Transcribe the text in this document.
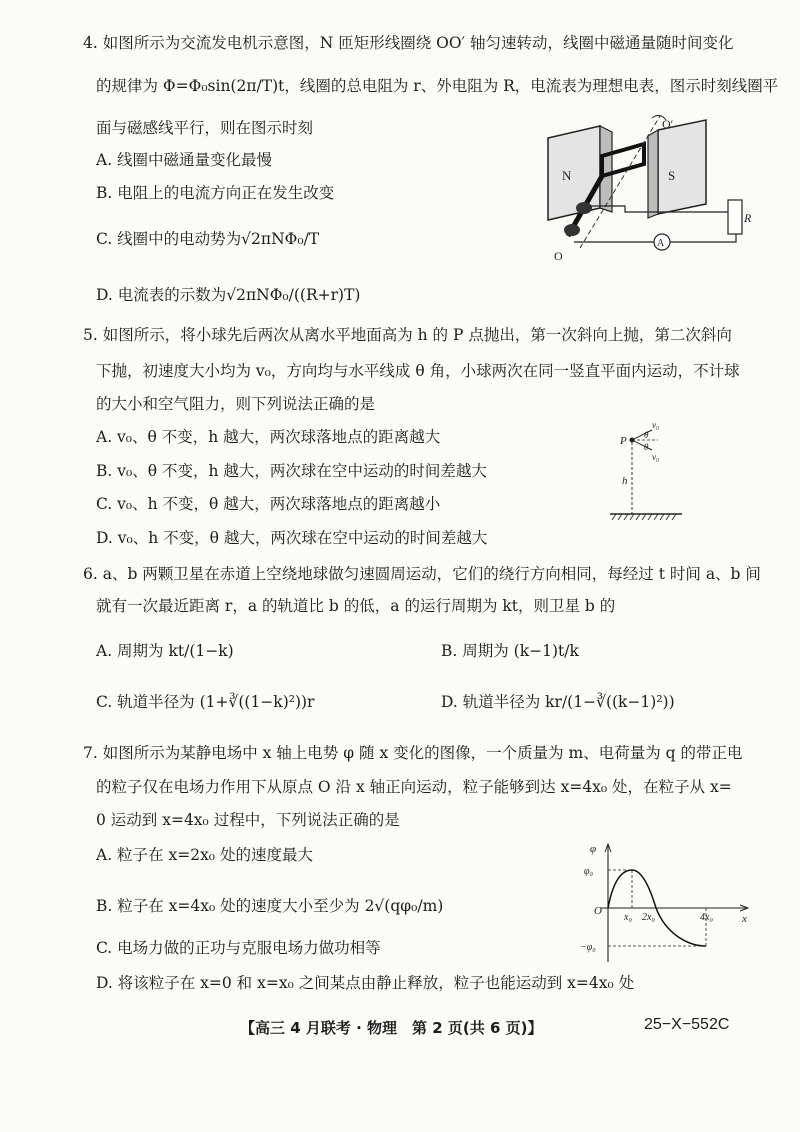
4. 如图所示为交流发电机示意图，N 匝矩形线圈绕 OO′ 轴匀速转动，线圈中磁通量随时间变化
的规律为 Φ=Φ₀sin(2π/T)t，线圈的总电阻为 r、外电阻为 R，电流表为理想电表，图示时刻线圈平
面与磁感线平行，则在图示时刻
A. 线圈中磁通量变化最慢
B. 电阻上的电流方向正在发生改变
C. 线圈中的电动势为√2πNΦ₀/T
D. 电流表的示数为√2πNΦ₀/((R+r)T)
N	S
O′
O
R
A
5. 如图所示，将小球先后两次从离水平地面高为 h 的 P 点抛出，第一次斜向上抛，第二次斜向
下抛，初速度大小均为 v₀，方向均与水平线成 θ 角，小球两次在同一竖直平面内运动，不计球
的大小和空气阻力，则下列说法正确的是
A. v₀、θ 不变，h 越大，两次球落地点的距离越大
B. v₀、θ 不变，h 越大，两次球在空中运动的时间差越大
C. v₀、h 不变，θ 越大，两次球落地点的距离越小
D. v₀、h 不变，θ 越大，两次球在空中运动的时间差越大
P
v₀
v₀
θ
θ
h
6. a、b 两颗卫星在赤道上空绕地球做匀速圆周运动，它们的绕行方向相同，每经过 t 时间 a、b 间
就有一次最近距离 r，a 的轨道比 b 的低，a 的运行周期为 kt，则卫星 b 的
A. 周期为 kt/(1−k)	B. 周期为 (k−1)t/k
C. 轨道半径为 (1+∛((1−k)²))r	D. 轨道半径为 kr/(1−∛((k−1)²))
7. 如图所示为某静电场中 x 轴上电势 φ 随 x 变化的图像，一个质量为 m、电荷量为 q 的带正电
的粒子仅在电场力作用下从原点 O 沿 x 轴正向运动，粒子能够到达 x=4x₀ 处，在粒子从 x=
0 运动到 x=4x₀ 过程中，下列说法正确的是
A. 粒子在 x=2x₀ 处的速度最大
B. 粒子在 x=4x₀ 处的速度大小至少为 2√(qφ₀/m)
C. 电场力做的正功与克服电场力做功相等
D. 将该粒子在 x=0 和 x=x₀ 之间某点由静止释放，粒子也能运动到 x=4x₀ 处
φ
x
O
φ₀
−φ₀
x₀ 2x₀	4x₀
【高三 4 月联考 · 物理　第 2 页(共 6 页)】	25−X−552C
